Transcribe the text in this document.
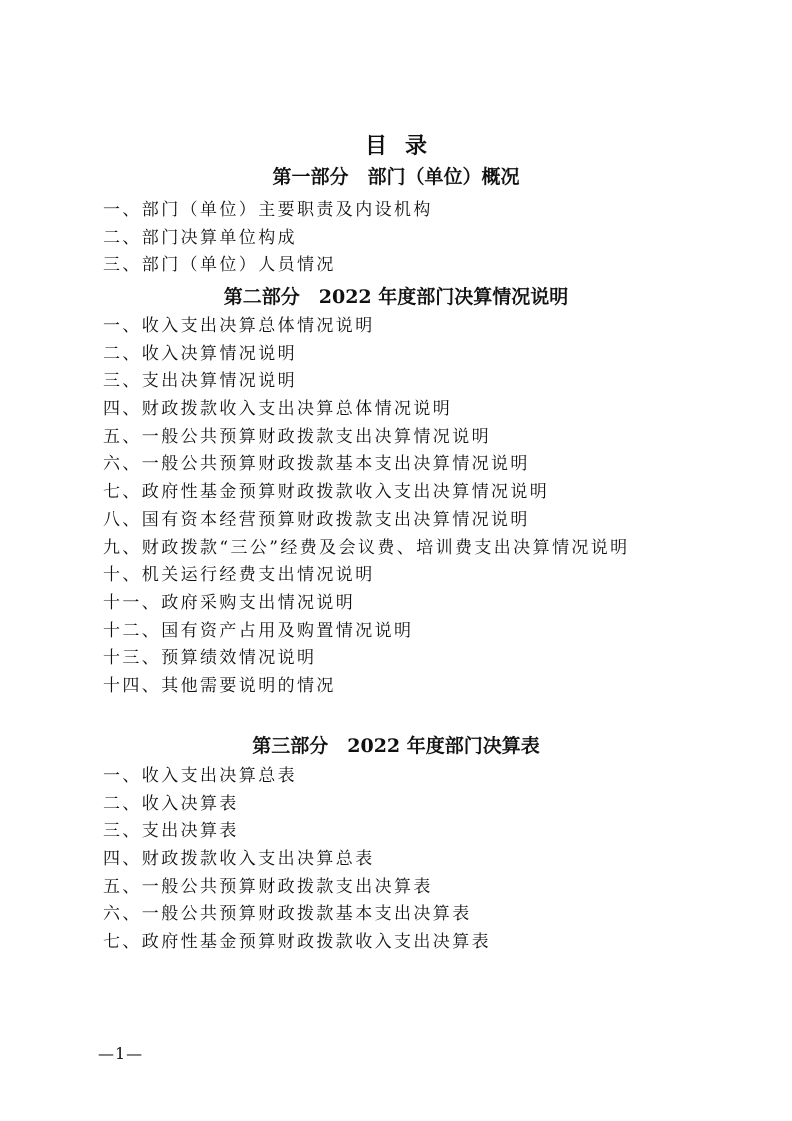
目录
第一部分　部门（单位）概况
一、部门（单位）主要职责及内设机构
二、部门决算单位构成
三、部门（单位）人员情况
第二部分　2022 年度部门决算情况说明
一、收入支出决算总体情况说明
二、收入决算情况说明
三、支出决算情况说明
四、财政拨款收入支出决算总体情况说明
五、一般公共预算财政拨款支出决算情况说明
六、一般公共预算财政拨款基本支出决算情况说明
七、政府性基金预算财政拨款收入支出决算情况说明
八、国有资本经营预算财政拨款支出决算情况说明
九、财政拨款“三公”经费及会议费、培训费支出决算情况说明
十、机关运行经费支出情况说明
十一、政府采购支出情况说明
十二、国有资产占用及购置情况说明
十三、预算绩效情况说明
十四、其他需要说明的情况
第三部分　2022 年度部门决算表
一、收入支出决算总表
二、收入决算表
三、支出决算表
四、财政拨款收入支出决算总表
五、一般公共预算财政拨款支出决算表
六、一般公共预算财政拨款基本支出决算表
七、政府性基金预算财政拨款收入支出决算表
—1—
